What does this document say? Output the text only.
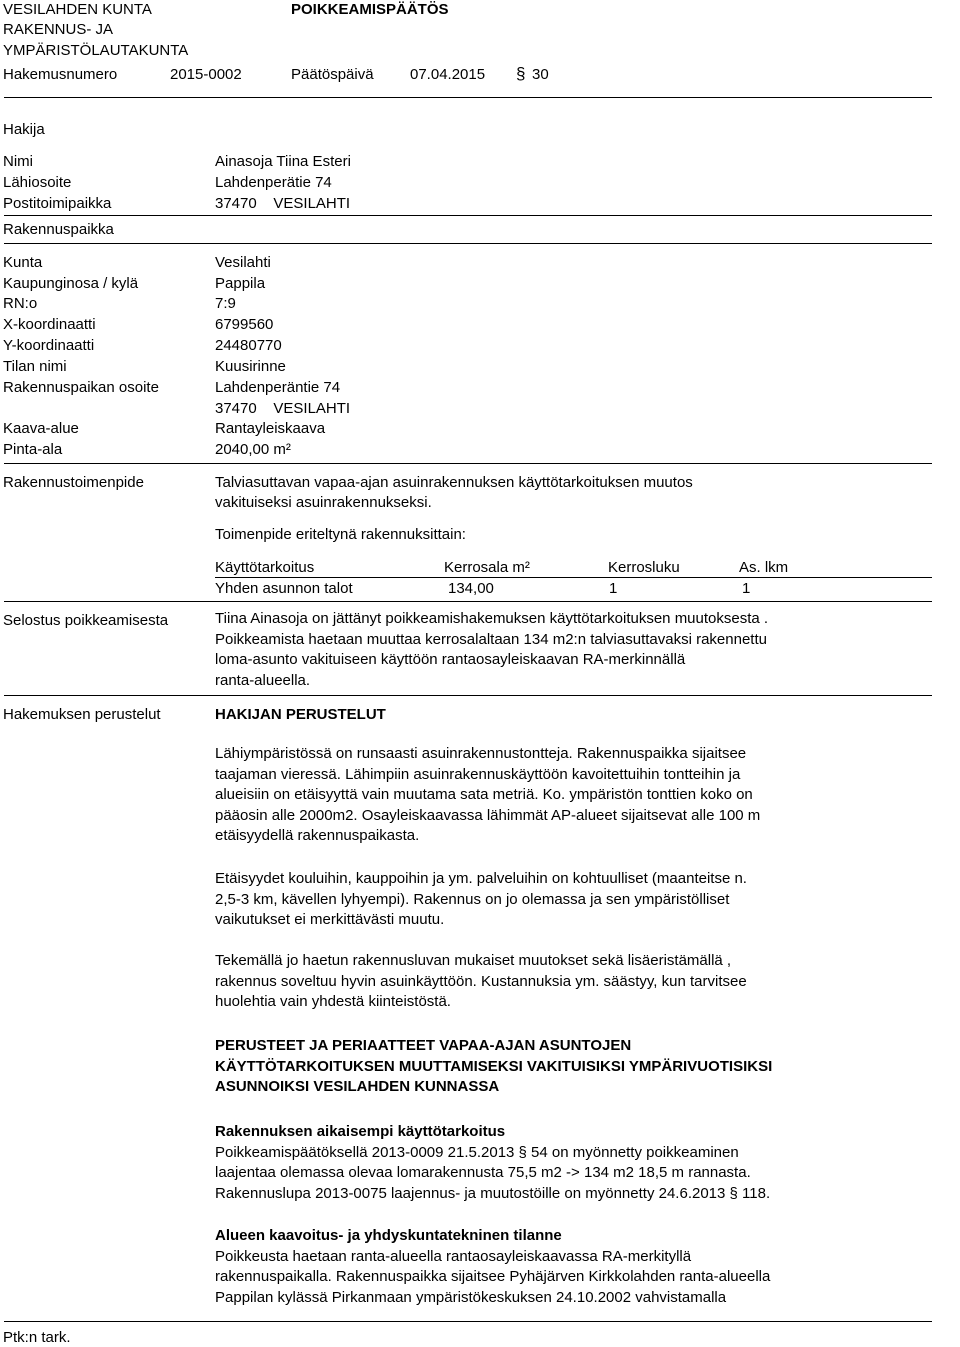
VESILAHDEN KUNTA
RAKENNUS- JA
YMPÄRISTÖLAUTAKUNTA
POIKKEAMISPÄÄTÖS
Hakemusnumero	2015-0002	Päätöspäivä 07.04.2015 § 30
Hakija
Nimi	Ainasoja Tiina Esteri
Lähiosoite	Lahdenperätie 74
Postitoimipaikka	37470    VESILAHTI
Rakennuspaikka
Kunta	Vesilahti
Kaupunginosa / kylä	Pappila
RN:o	7:9
X-koordinaatti	6799560
Y-koordinaatti	24480770
Tilan nimi	Kuusirinne
Rakennuspaikan osoite	Lahdenperäntie 74
37470    VESILAHTI
Kaava-alue	Rantayleiskaava
Pinta-ala	2040,00 m²
Rakennustoimenpide	Talviasuttavan vapaa-ajan asuinrakennuksen käyttötarkoituksen muutos
vakituiseksi asuinrakennukseksi.
Toimenpide eriteltynä rakennuksittain:
Käyttötarkoitus	Kerrosala m²	Kerrosluku	As. lkm
Yhden asunnon talot	134,00	1	1
Selostus poikkeamisesta	Tiina Ainasoja on jättänyt poikkeamishakemuksen käyttötarkoituksen muutoksesta .
Poikkeamista haetaan muuttaa kerrosalaltaan 134 m2:n talviasuttavaksi rakennettu
loma-asunto vakituiseen käyttöön rantaosayleiskaavan RA-merkinnällä
ranta-alueella.
Hakemuksen perustelut	HAKIJAN PERUSTELUT
Lähiympäristössä on runsaasti asuinrakennustontteja. Rakennuspaikka sijaitsee
taajaman vieressä. Lähimpiin asuinrakennuskäyttöön kavoitettuihin tontteihin ja
alueisiin on etäisyyttä vain muutama sata metriä. Ko. ympäristön tonttien koko on
pääosin alle 2000m2. Osayleiskaavassa lähimmät AP-alueet sijaitsevat alle 100 m
etäisyydellä rakennuspaikasta.
Etäisyydet kouluihin, kauppoihin ja ym. palveluihin on kohtuulliset (maanteitse n.
2,5-3 km, kävellen lyhyempi). Rakennus on jo olemassa ja sen ympäristölliset
vaikutukset ei merkittävästi muutu.
Tekemällä jo haetun rakennusluvan mukaiset muutokset sekä lisäeristämällä ,
rakennus soveltuu hyvin asuinkäyttöön. Kustannuksia ym. säästyy, kun tarvitsee
huolehtia vain yhdestä kiinteistöstä.
PERUSTEET JA PERIAATTEET VAPAA-AJAN ASUNTOJEN
KÄYTTÖTARKOITUKSEN MUUTTAMISEKSI VAKITUISIKSI YMPÄRIVUOTISIKSI
ASUNNOIKSI VESILAHDEN KUNNASSA
Rakennuksen aikaisempi käyttötarkoitus
Poikkeamispäätöksellä 2013-0009 21.5.2013 § 54 on myönnetty poikkeaminen
laajentaa olemassa olevaa lomarakennusta 75,5 m2 -> 134 m2 18,5 m rannasta.
Rakennuslupa 2013-0075 laajennus- ja muutostöille on myönnetty 24.6.2013 § 118.
Alueen kaavoitus- ja yhdyskuntatekninen tilanne
Poikkeusta haetaan ranta-alueella rantaosayleiskaavassa RA-merkityllä
rakennuspaikalla. Rakennuspaikka sijaitsee Pyhäjärven Kirkkolahden ranta-alueella
Pappilan kylässä Pirkanmaan ympäristökeskuksen 24.10.2002 vahvistamalla
Ptk:n tark.
